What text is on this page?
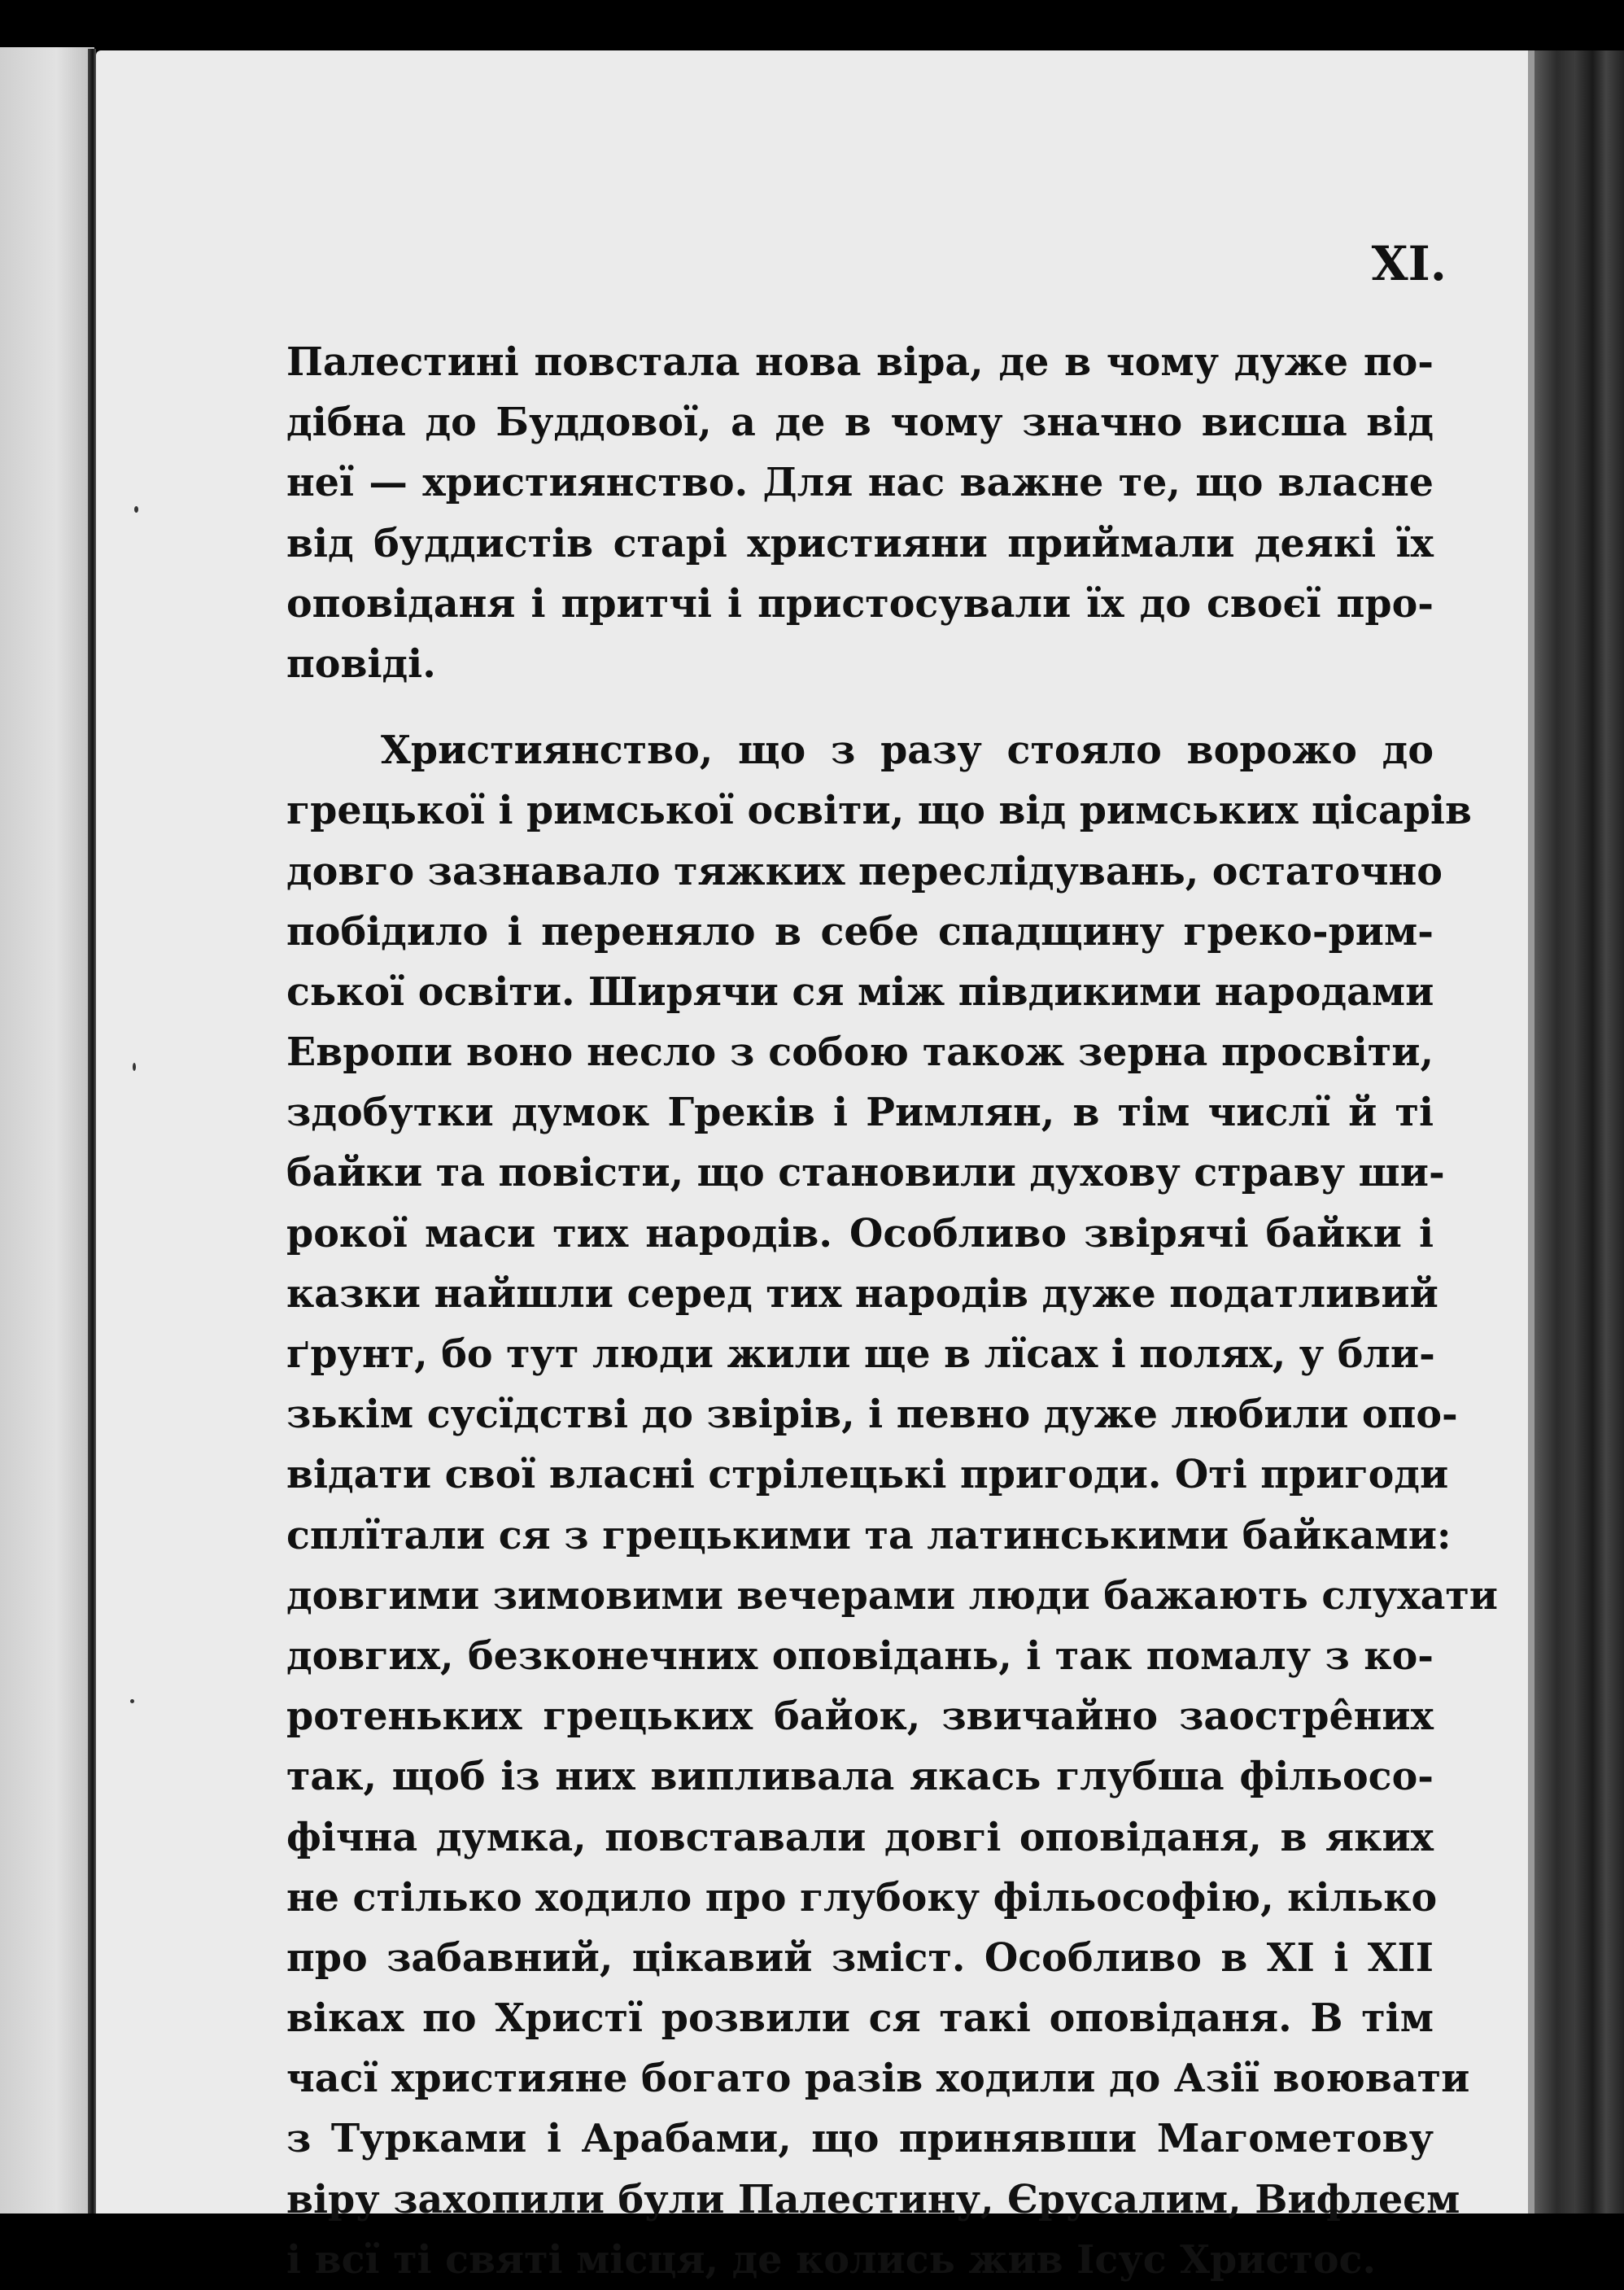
XI.

Палестині повстала нова віра, де в чому дуже по-
дібна до Буддової, а де в чому значно висша від
неї — християнство. Для нас важне те, що власне
від буддистів старі християни приймали деякі їх
оповіданя і притчі і пристосували їх до своєї про-
повіді.
Християнство, що з разу стояло ворожо до
грецької і римської освіти, що від римських цісарів
довго зазнавало тяжких переслідувань, остаточно
побідило і переняло в себе спадщину греко-рим-
ської освіти. Ширячи ся між півдикими народами
Европи воно несло з собою також зерна просвіти,
здобутки думок Греків і Римлян, в тім числї й ті
байки та повісти, що становили духову страву ши-
рокої маси тих народів. Особливо звірячі байки і
казки найшли серед тих народів дуже податливий
ґрунт, бо тут люди жили ще в лїсах і полях, у бли-
зькім сусїдстві до звірів, і певно дуже любили опо-
відати свої власні стрілецькі пригоди. Оті пригоди
сплїтали ся з грецькими та латинськими байками:
довгими зимовими вечерами люди бажають слухати
довгих, безконечних оповідань, і так помалу з ко-
ротеньких грецьких байок, звичайно заостре̂них
так, щоб із них випливала якась глубша фільосо-
фічна думка, повставали довгі оповіданя, в яких
не стілько ходило про глубоку фільософію, кілько
про забавний, цікавий зміст. Особливо в XI і XII
віках по Христї розвили ся такі оповіданя. В тім
часї християне богато разів ходили до Азії воювати
з Турками і Арабами, що принявши Магометову
віру захопили були Палестину, Єрусалим, Вифлеєм
і всї ті святі місця, де колись жив Ісус Христос.
